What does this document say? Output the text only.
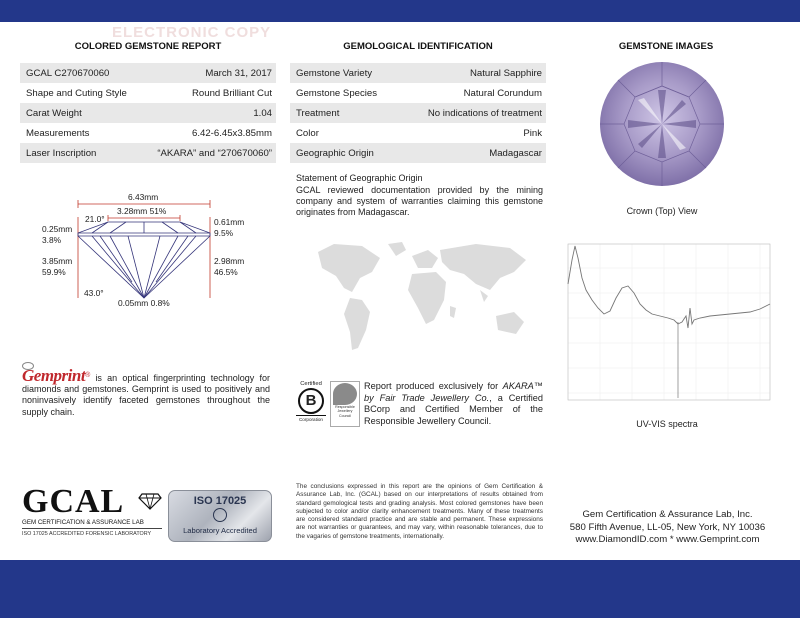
ELECTRONIC COPY
COLORED GEMSTONE REPORT
GCAL C270670060	March 31, 2017
Shape and Cuting Style	Round Brilliant Cut
Carat Weight	1.04
Measurements	6.42-6.45x3.85mm
Laser Inscription	“AKARA” and “270670060”
6.43mm
3.28mm 51%
21.0°
0.25mm
3.8%
3.85mm
59.9%
43.0°
0.05mm 0.8%
0.61mm
9.5%
2.98mm
46.5%
Gemprint® is an optical fingerprinting technology for diamonds and gemstones. Gemprint is used to positively and noninvasively identify faceted gemstones throughout the supply chain.
GCAL
GEM CERTIFICATION & ASSURANCE LAB
ISO 17025 ACCREDITED FORENSIC LABORATORY
ISO 17025
Laboratory Accredited
GEMOLOGICAL IDENTIFICATION
Gemstone Variety	Natural Sapphire
Gemstone Species	Natural Corundum
Treatment	No indications of treatment
Color	Pink
Geographic Origin	Madagascar
Statement of Geographic Origin
GCAL reviewed documentation provided by the mining company and system of warranties claiming this gemstone originates from Madagascar.
Certified
B
Corporation
Responsible
Jewellery
Council
Report produced exclusively for AKARA™ by Fair Trade Jewellery Co., a Certified BCorp and Certified Member of the Responsible Jewellery Council.
The conclusions expressed in this report are the opinions of Gem Certification & Assurance Lab, Inc. (GCAL) based on our interpretations of results obtained from standard gemological tests and grading analysis. Most colored gemstones have been subjected to color and/or clarity enhancement treatments. Many of these treatments are considered standard practice and are stable and permanent. These expressions are not warranties or guarantees, and may vary, within reasonable tolerances, due to the vagaries of gemstone treatments, internationally.
GEMSTONE IMAGES
Crown (Top) View
UV-VIS spectra
Gem Certification & Assurance Lab, Inc.
580 Fifth Avenue, LL-05, New York, NY 10036
www.DiamondID.com * www.Gemprint.com
